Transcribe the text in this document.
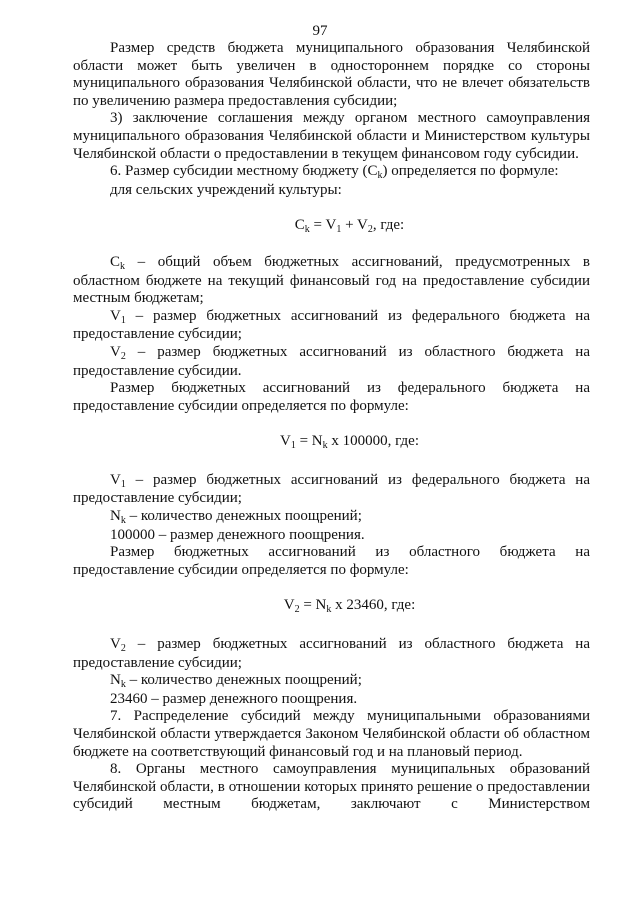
97

Размер средств бюджета муниципального образования Челябинской области может быть увеличен в одностороннем порядке со стороны муниципального образования Челябинской области, что не влечет обязательств по увеличению размера предоставления субсидии;

3) заключение соглашения между органом местного самоуправления муниципального образования Челябинской области и Министерством культуры Челябинской области о предоставлении в текущем финансовом году субсидии.

6. Размер субсидии местному бюджету $(C_k)$ определяется по формуле:

для сельских учреждений культуры:

$C_k = V_1 + V_2$, где:

$C_k$ – общий объем бюджетных ассигнований, предусмотренных в областном бюджете на текущий финансовый год на предоставление субсидии местным бюджетам;

$V_1$ – размер бюджетных ассигнований из федерального бюджета на предоставление субсидии;

$V_2$ – размер бюджетных ассигнований из областного бюджета на предоставление субсидии.

Размер бюджетных ассигнований из федерального бюджета на предоставление субсидии определяется по формуле:

$V_1 = N_k$ x 100000, где:

$V_1$ – размер бюджетных ассигнований из федерального бюджета на предоставление субсидии;

$N_k$ – количество денежных поощрений;

100000 – размер денежного поощрения.

Размер бюджетных ассигнований из областного бюджета на предоставление субсидии определяется по формуле:

$V_2 = N_k$ x 23460, где:

$V_2$ – размер бюджетных ассигнований из областного бюджета на предоставление субсидии;

$N_k$ – количество денежных поощрений;

23460 – размер денежного поощрения.

7. Распределение субсидий между муниципальными образованиями Челябинской области утверждается Законом Челябинской области об областном бюджете на соответствующий финансовый год и на плановый период.

8. Органы местного самоуправления муниципальных образований Челябинской области, в отношении которых принято решение о предоставлении субсидий местным бюджетам, заключают с Министерством
